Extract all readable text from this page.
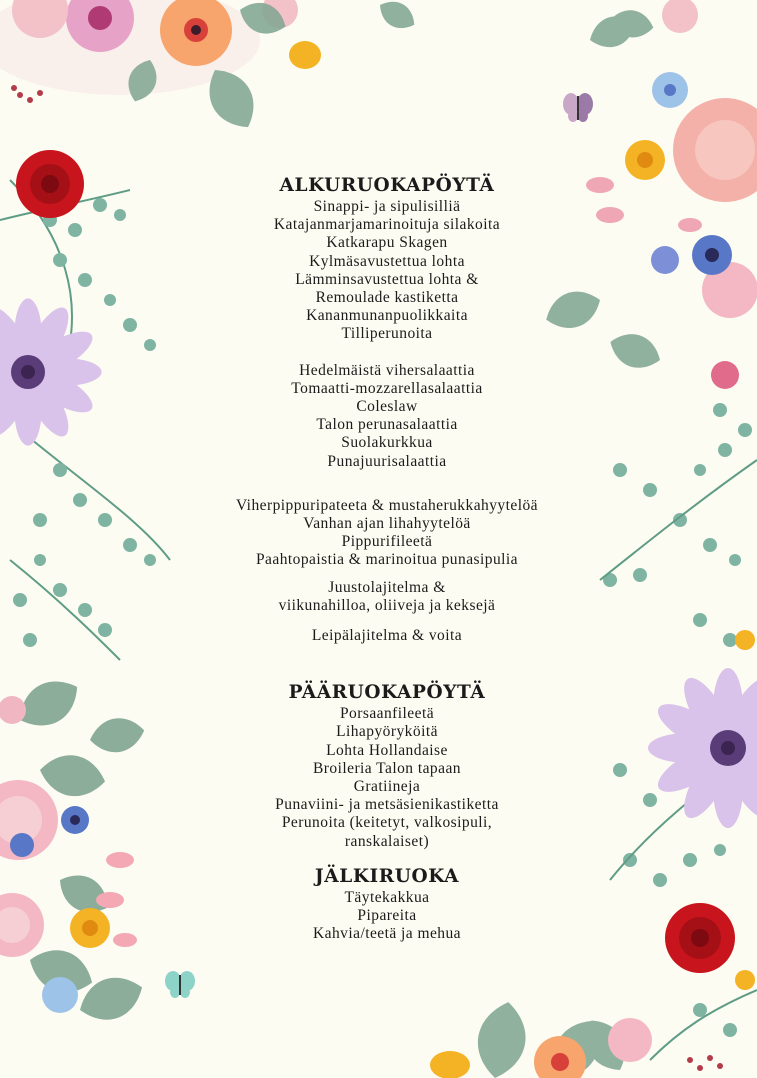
ALKURUOKAPÖYTÄ

Sinappi- ja sipulisilliä

Katajanmarjamarinoituja silakoita

Katkarapu Skagen

Kylmäsavustettua lohta

Lämminsavustettua lohta &

Remoulade kastiketta

Kananmunanpuolikkaita

Tilliperunoita

Hedelmäistä vihersalaattia

Tomaatti-mozzarellasalaattia

Coleslaw

Talon perunasalaattia

Suolakurkkua

Punajuurisalaattia

Viherpippuripateeta & mustaherukkahyytelöä

Vanhan ajan lihahyytelöä

Pippurifileetä

Paahtopaistia & marinoitua punasipulia

Juustolajitelma &

viikunahilloa, oliiveja ja keksejä

Leipälajitelma & voita

PÄÄRUOKAPÖYTÄ

Porsaanfileetä

Lihapyöryköitä

Lohta Hollandaise

Broileria Talon tapaan

Gratiineja

Punaviini- ja metsäsienikastiketta

Perunoita (keitetyt, valkosipuli,

ranskalaiset)

JÄLKIRUOKA

Täytekakkua

Pipareita

Kahvia/teetä ja mehua
